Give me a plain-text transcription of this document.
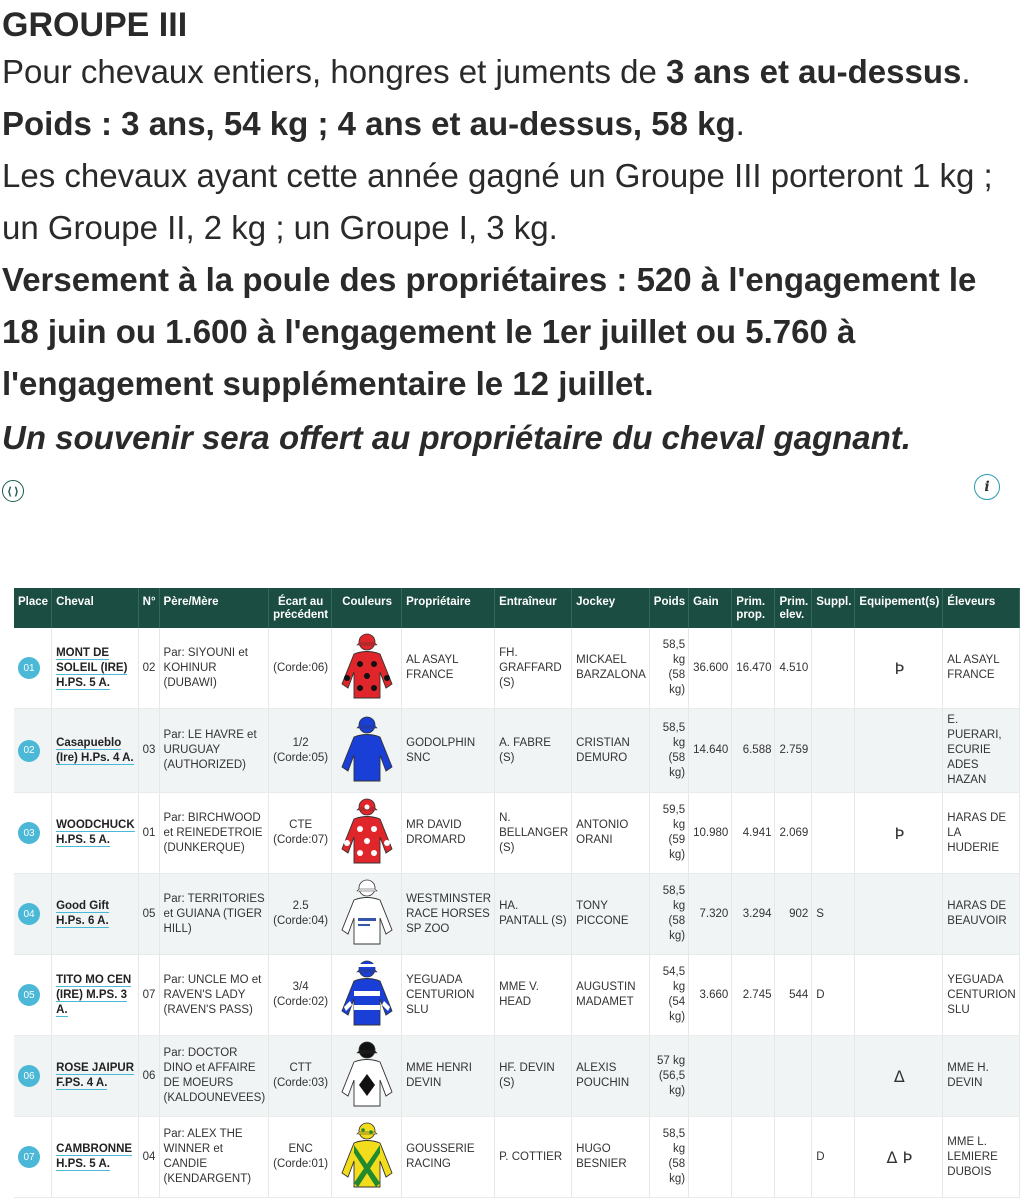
GROUPE III

Pour chevaux entiers, hongres et juments de 3 ans et au-dessus. Poids : 3 ans, 54 kg ; 4 ans et au-dessus, 58 kg.

Les chevaux ayant cette année gagné un Groupe III porteront 1 kg ; un Groupe II, 2 kg ; un Groupe I, 3 kg.

Versement à la poule des propriétaires : 520 à l'engagement le 18 juin ou 1.600 à l'engagement le 1er juillet ou 5.760 à l'engagement supplémentaire le 12 juillet.

Un souvenir sera offert au propriétaire du cheval gagnant.

⟨⟩	i
Place	Cheval	N°	Père/Mère	Écart au précédent	Couleurs	Propriétaire	Entraîneur	Jockey	Poids	Gain	Prim. prop.	Prim. elev.	Suppl.	Equipement(s)	Éleveurs
01	MONT DE SOLEIL (IRE) H.PS. 5 A.	02	Par: SIYOUNI et KOHINUR (DUBAWI)	(Corde:06)		AL ASAYL FRANCE	FH. GRAFFARD (S)	MICKAEL BARZALONA	58,5 kg (58 kg)	36.600	16.470	4.510		Þ	AL ASAYL FRANCE
02	Casapueblo (Ire) H.Ps. 4 A.	03	Par: LE HAVRE et URUGUAY (AUTHORIZED)	1/2 (Corde:05)		GODOLPHIN SNC	A. FABRE (S)	CRISTIAN DEMURO	58,5 kg (58 kg)	14.640	6.588	2.759			E. PUERARI, ECURIE ADES HAZAN
03	WOODCHUCK H.PS. 5 A.	01	Par: BIRCHWOOD et REINEDETROIE (DUNKERQUE)	CTE (Corde:07)		MR DAVID DROMARD	N. BELLANGER (S)	ANTONIO ORANI	59,5 kg (59 kg)	10.980	4.941	2.069		Þ	HARAS DE LA HUDERIE
04	Good Gift H.Ps. 6 A.	05	Par: TERRITORIES et GUIANA (TIGER HILL)	2.5 (Corde:04)		WESTMINSTER RACE HORSES SP ZOO	HA. PANTALL (S)	TONY PICCONE	58,5 kg (58 kg)	7.320	3.294	902	S		HARAS DE BEAUVOIR
05	TITO MO CEN (IRE) M.PS. 3 A.	07	Par: UNCLE MO et RAVEN'S LADY (RAVEN'S PASS)	3/4 (Corde:02)		YEGUADA CENTURION SLU	MME V. HEAD	AUGUSTIN MADAMET	54,5 kg (54 kg)	3.660	2.745	544	D		YEGUADA CENTURION SLU
06	ROSE JAIPUR F.PS. 4 A.	06	Par: DOCTOR DINO et AFFAIRE DE MOEURS (KALDOUNEVEES)	CTT (Corde:03)		MME HENRI DEVIN	HF. DEVIN (S)	ALEXIS POUCHIN	57 kg (56,5 kg)					Δ	MME H. DEVIN
07	CAMBRONNE H.PS. 5 A.	04	Par: ALEX THE WINNER et CANDIE (KENDARGENT)	ENC (Corde:01)		GOUSSERIE RACING	P. COTTIER	HUGO BESNIER	58,5 kg (58 kg)				D	Δ Þ	MME L. LEMIERE DUBOIS
